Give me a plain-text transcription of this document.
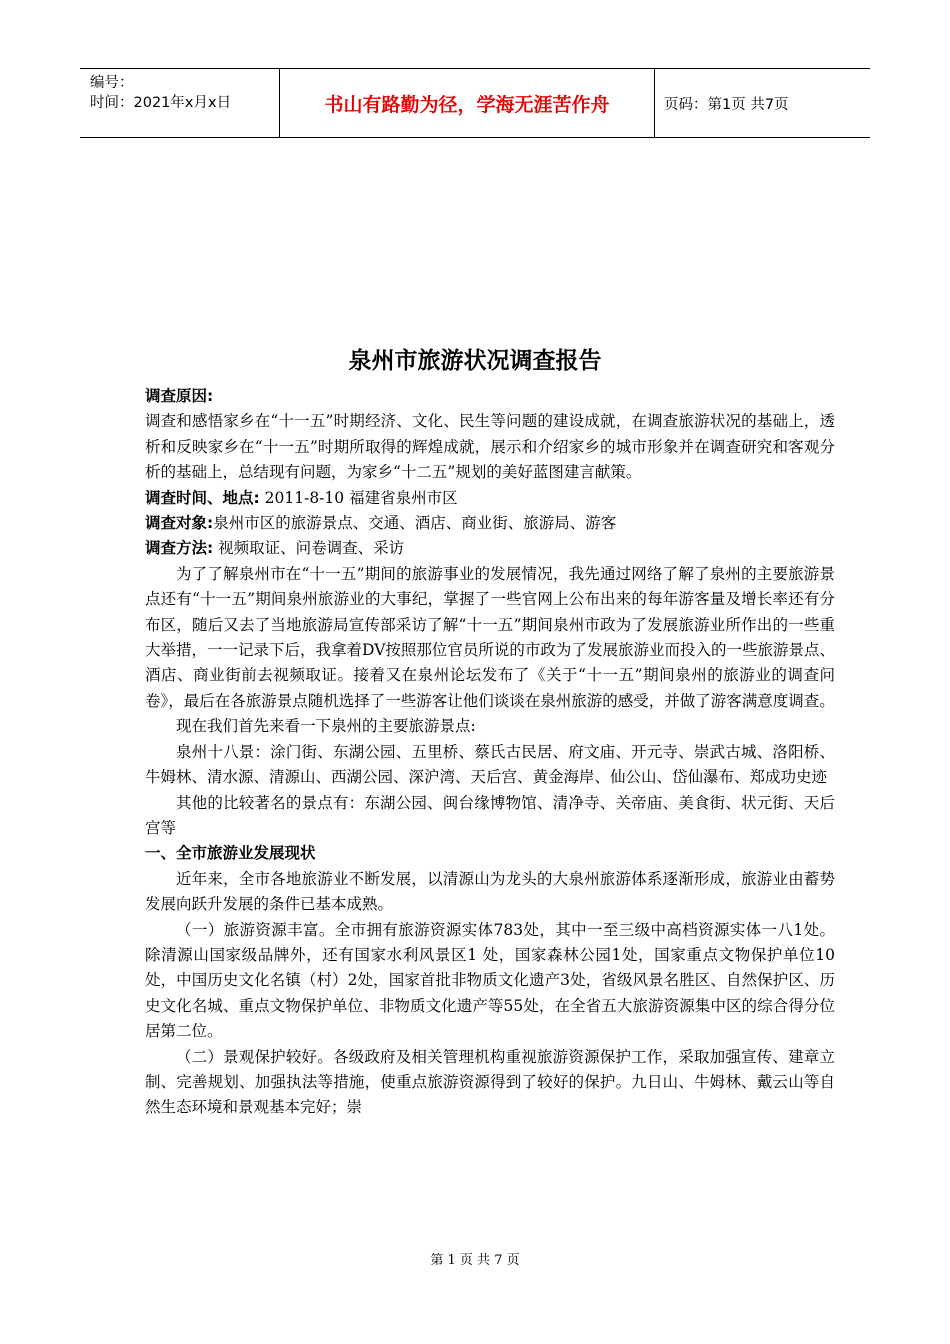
编号：
时间：2021年x月x日	书山有路勤为径，学海无涯苦作舟	页码：第1页 共7页
泉州市旅游状况调查报告

调查原因:

调查和感悟家乡在“十一五”时期经济、文化、民生等问题的建设成就，在调查旅游状况的基础上，透析和反映家乡在“十一五”时期所取得的辉煌成就，展示和介绍家乡的城市形象并在调查研究和客观分析的基础上，总结现有问题，为家乡“十二五”规划的美好蓝图建言献策。

调查时间、地点: 2011-8-10 福建省泉州市区

调查对象:泉州市区的旅游景点、交通、酒店、商业街、旅游局、游客

调查方法: 视频取证、问卷调查、采访

为了了解泉州市在“十一五”期间的旅游事业的发展情况，我先通过网络了解了泉州的主要旅游景点还有“十一五”期间泉州旅游业的大事纪，掌握了一些官网上公布出来的每年游客量及增长率还有分布区，随后又去了当地旅游局宣传部采访了解“十一五”期间泉州市政为了发展旅游业所作出的一些重大举措，一一记录下后，我拿着DV按照那位官员所说的市政为了发展旅游业而投入的一些旅游景点、酒店、商业街前去视频取证。接着又在泉州论坛发布了《关于“十一五”期间泉州的旅游业的调查问卷》，最后在各旅游景点随机选择了一些游客让他们谈谈在泉州旅游的感受，并做了游客满意度调查。

现在我们首先来看一下泉州的主要旅游景点:

泉州十八景：涂门街、东湖公园、五里桥、蔡氏古民居、府文庙、开元寺、崇武古城、洛阳桥、牛姆林、清水源、清源山、西湖公园、深沪湾、天后宫、黄金海岸、仙公山、岱仙瀑布、郑成功史迹

其他的比较著名的景点有：东湖公园、闽台缘博物馆、清净寺、关帝庙、美食街、状元街、天后宫等

一、全市旅游业发展现状

近年来，全市各地旅游业不断发展，以清源山为龙头的大泉州旅游体系逐渐形成，旅游业由蓄势发展向跃升发展的条件已基本成熟。

（一）旅游资源丰富。全市拥有旅游资源实体783处，其中一至三级中高档资源实体一八1处。除清源山国家级品牌外，还有国家水利风景区1 处，国家森林公园1处，国家重点文物保护单位10处，中国历史文化名镇（村）2处，国家首批非物质文化遗产3处，省级风景名胜区、自然保护区、历史文化名城、重点文物保护单位、非物质文化遗产等55处，在全省五大旅游资源集中区的综合得分位居第二位。

（二）景观保护较好。各级政府及相关管理机构重视旅游资源保护工作，采取加强宣传、建章立制、完善规划、加强执法等措施，使重点旅游资源得到了较好的保护。九日山、牛姆林、戴云山等自然生态环境和景观基本完好；崇

第 1 页 共 7 页
